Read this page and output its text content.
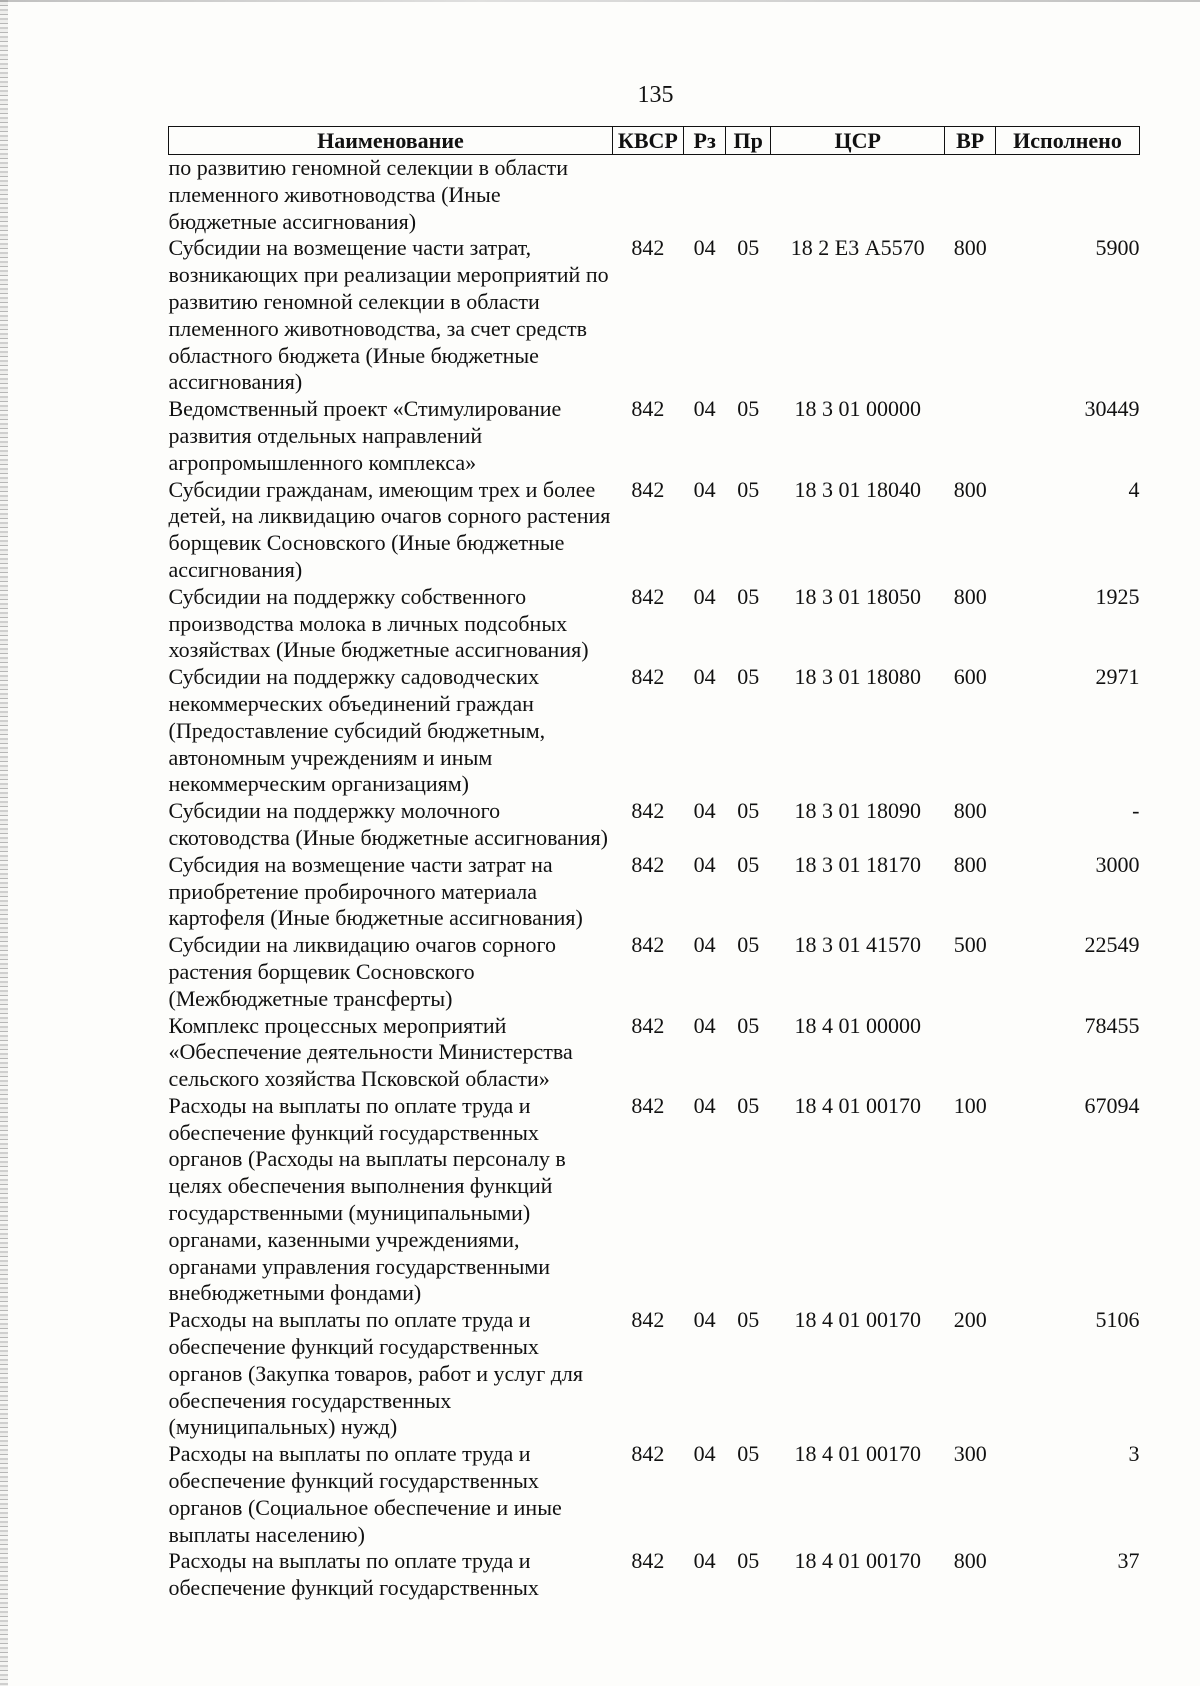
135
Наименование	КВСР	Рз	Пр	ЦСР	ВР	Исполнено
по развитию геномной селекции в области племенного животноводства (Иные бюджетные ассигнования)						
Субсидии на возмещение части затрат, возникающих при реализации мероприятий по развитию геномной селекции в области племенного животноводства, за счет средств областного бюджета (Иные бюджетные ассигнования)	842	04	05	18 2 Е3 А5570	800	5900
Ведомственный проект «Стимулирование развития отдельных направлений агропромышленного комплекса»	842	04	05	18 3 01 00000		30449
Субсидии гражданам, имеющим трех и более детей, на ликвидацию очагов сорного растения борщевик Сосновского (Иные бюджетные ассигнования)	842	04	05	18 3 01 18040	800	4
Субсидии на поддержку собственного производства молока в личных подсобных хозяйствах (Иные бюджетные ассигнования)	842	04	05	18 3 01 18050	800	1925
Субсидии на поддержку садоводческих некоммерческих объединений граждан (Предоставление субсидий бюджетным, автономным учреждениям и иным некоммерческим организациям)	842	04	05	18 3 01 18080	600	2971
Субсидии на поддержку молочного скотоводства (Иные бюджетные ассигнования)	842	04	05	18 3 01 18090	800	-
Субсидия на возмещение части затрат на приобретение пробирочного материала картофеля (Иные бюджетные ассигнования)	842	04	05	18 3 01 18170	800	3000
Субсидии на ликвидацию очагов сорного растения борщевик Сосновского (Межбюджетные трансферты)	842	04	05	18 3 01 41570	500	22549
Комплекс процессных мероприятий «Обеспечение деятельности Министерства сельского хозяйства Псковской области»	842	04	05	18 4 01 00000		78455
Расходы на выплаты по оплате труда и обеспечение функций государственных органов (Расходы на выплаты персоналу в целях обеспечения выполнения функций государственными (муниципальными) органами, казенными учреждениями, органами управления государственными внебюджетными фондами)	842	04	05	18 4 01 00170	100	67094
Расходы на выплаты по оплате труда и обеспечение функций государственных органов (Закупка товаров, работ и услуг для обеспечения государственных (муниципальных) нужд)	842	04	05	18 4 01 00170	200	5106
Расходы на выплаты по оплате труда и обеспечение функций государственных органов (Социальное обеспечение и иные выплаты населению)	842	04	05	18 4 01 00170	300	3
Расходы на выплаты по оплате труда и обеспечение функций государственных	842	04	05	18 4 01 00170	800	37
